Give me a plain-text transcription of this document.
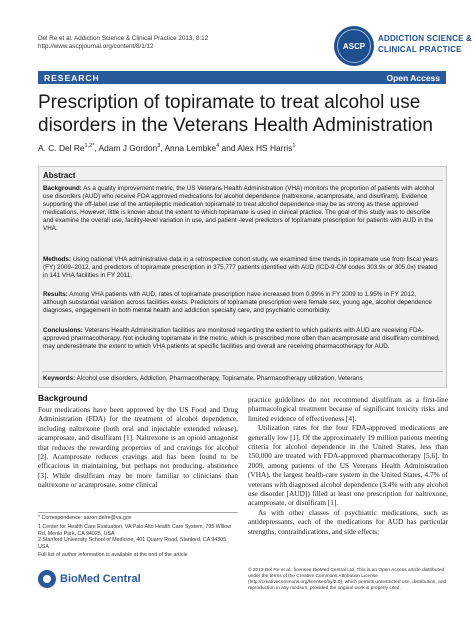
Del Re et al. Addiction Science & Clinical Practice 2013, 8:12
http://www.ascpjournal.org/content/8/1/12	ASCP
ADDICTION SCIENCE &
CLINICAL PRACTICE
RESEARCH	Open Access
Prescription of topiramate to treat alcohol use disorders in the Veterans Health Administration
A. C. Del $Re^{1,2*}$, Adam J Gordon$^3$, Anna Lembke$^4$ and Alex HS Harris$^1$
Abstract
Background: As a quality improvement metric, the US Veterans Health Administration (VHA) monitors the proportion of patients with alcohol use disorders (AUD) who receive FDA approved medications for alcohol dependence (naltrexone, acamprosate, and disulfiram). Evidence supporting the off-label use of the antiepileptic medication topiramate to treat alcohol dependence may be as strong as these approved medications. However, little is known about the extent to which topiramate is used in clinical practice. The goal of this study was to describe and examine the overall use, facility-level variation in use, and patient -level predictors of topiramate prescription for patients with AUD in the VHA.
Methods: Using national VHA administrative data in a retrospective cohort study, we examined time trends in topiramate use from fiscal years (FY) 2009–2012, and predictors of topiramate prescription in 375,777 patients identified with AUD (ICD-9-CM codes 303.9x or 305.0x) treated in 141 VHA facilities in FY 2011.
Results: Among VHA patients with AUD, rates of topiramate prescription have increased from 0.99% in FY 2009 to 1.95% in FY 2012, although substantial variation across facilities exists. Predictors of topiramate prescription were female sex, young age, alcohol dependence diagnoses, engagement in both mental health and addiction specialty care, and psychiatric comorbidity.
Conclusions: Veterans Health Administration facilities are monitored regarding the extent to which patients with AUD are receiving FDA-approved pharmacotherapy. Not including topiramate in the metric, which is prescribed more often than acamprosate and disulfiram combined, may underestimate the extent to which VHA patients at specific facilities and overall are receiving pharmacotherapy for AUD.
Keywords: Alcohol use disorders, Addiction, Pharmacotherapy, Topiramate, Pharmacotherapy utilization, Veterans
Background

Four medications have been approved by the US Food and Drug Administration (FDA) for the treatment of alcohol dependence, including naltrexone (both oral and injectable extended release), acamprosate, and disulfiram [1]. Naltrexone is an opioid antagonist that reduces the rewarding properties of and cravings for alcohol [2]. Acamprosate reduces cravings and has been found to be efficacious in maintaining, but perhaps not producing, abstinence [3]. While disulfiram may be more familiar to clinicians than naltrexone or acamprosate, some clinical

practice guidelines do not recommend disulfiram as a first-line pharmacological treatment because of significant toxicity risks and limited evidence of effectiveness [4].

Utilization rates for the four FDA-approved medications are generally low [1]. Of the approximately 19 million patients meeting criteria for alcohol dependence in the United States, less than 150,000 are treated with FDA-approved pharmacotherapy [5,6]. In 2009, among patients of the US Veterans Health Administration (VHA), the largest health-care system in the United States, 4.7% of veterans with diagnosed alcohol dependence (3.4% with any alcohol use disorder [AUD]) filled at least one prescription for naltrexone, acamprosate, or disulfiram [1].

As with other classes of psychiatric medications, such as antidepressants, each of the medications for AUD has particular strengths, contraindications, and side effects;

* Correspondence: aaron.delre@va.gov
1 Center for Health Care Evaluation, VA Palo Alto Health Care System, 795 Willow Rd, Menlo Park, CA 94025, USA
2 Stanford University School of Medicine, 401 Quarry Road, Stanford, CA 94305, USA
Full list of author information is available at the end of the article
BioMed Central
© 2013 Del Re et al.; licensee BioMed Central Ltd. This is an Open Access article distributed under the terms of the Creative Commons Attribution License (http://creativecommons.org/licenses/by/2.0), which permits unrestricted use, distribution, and reproduction in any medium, provided the original work is properly cited.
